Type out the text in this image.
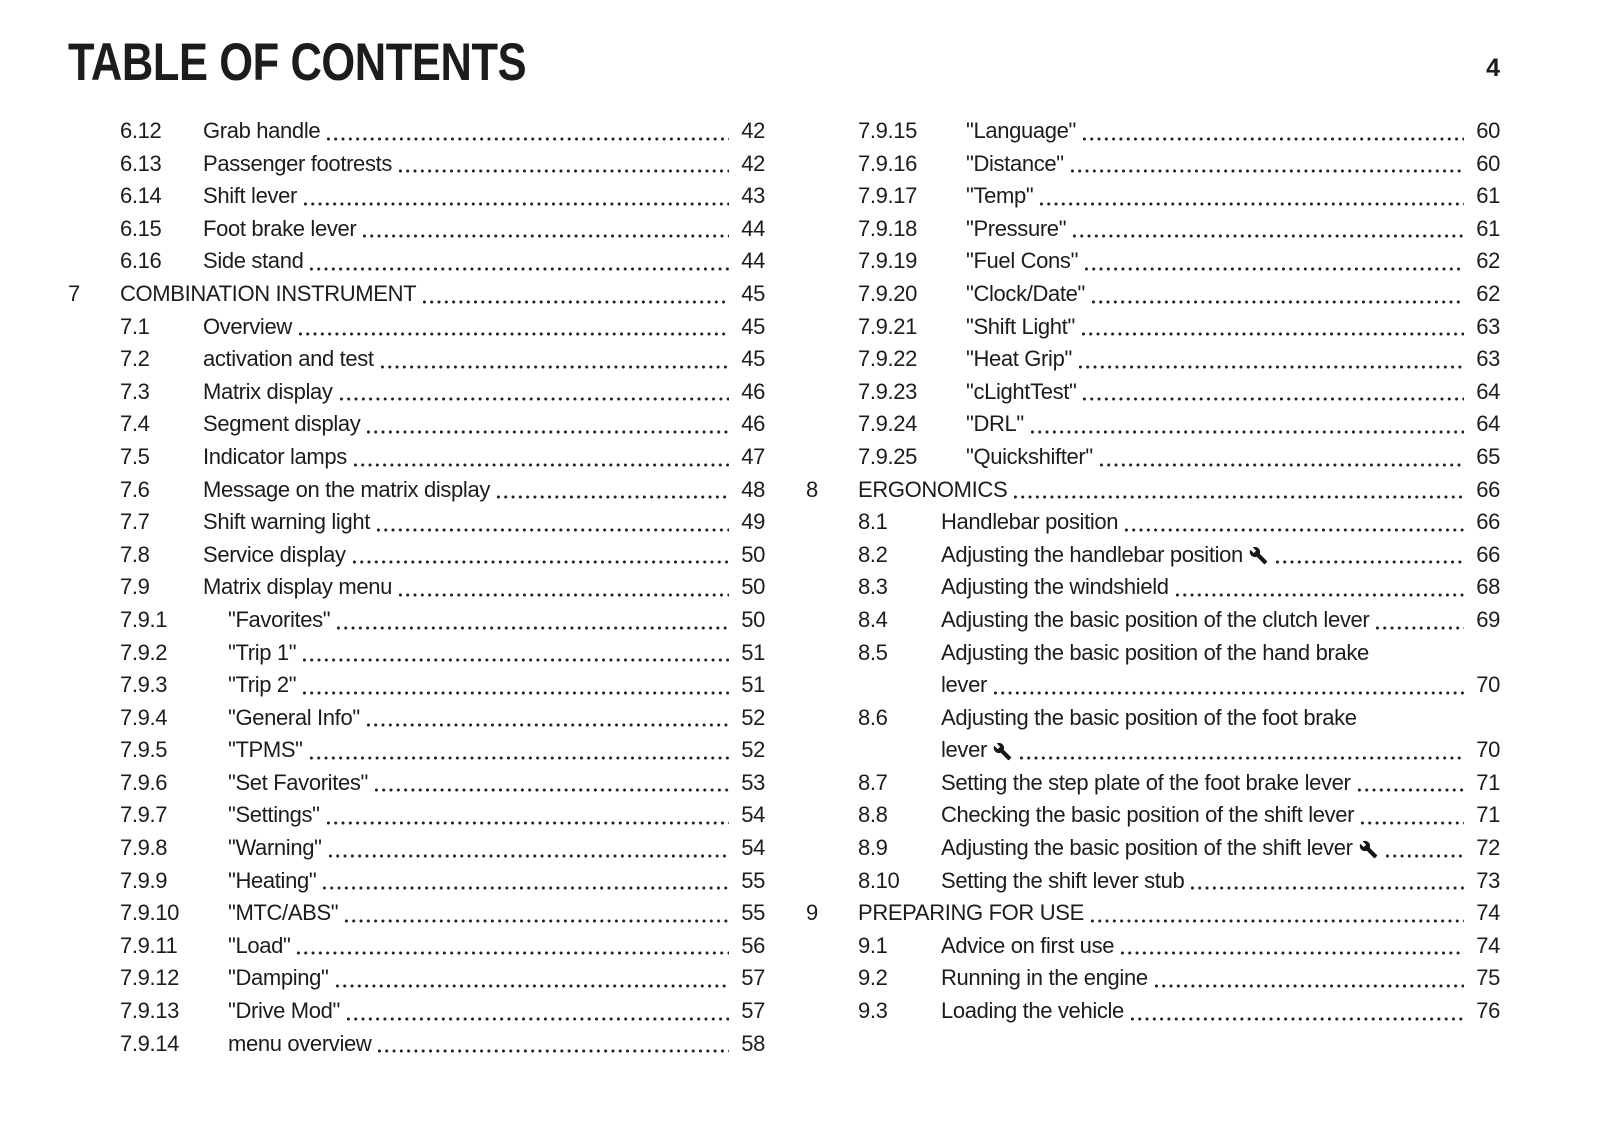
TABLE OF CONTENTS	4
6.12	Grab handle	42
6.13	Passenger footrests	42
6.14	Shift lever	43
6.15	Foot brake lever	44
6.16	Side stand	44
7	COMBINATION INSTRUMENT	45
7.1	Overview	45
7.2	activation and test	45
7.3	Matrix display	46
7.4	Segment display	46
7.5	Indicator lamps	47
7.6	Message on the matrix display	48
7.7	Shift warning light	49
7.8	Service display	50
7.9	Matrix display menu	50
7.9.1	"Favorites"	50
7.9.2	"Trip 1"	51
7.9.3	"Trip 2"	51
7.9.4	"General Info"	52
7.9.5	"TPMS"	52
7.9.6	"Set Favorites"	53
7.9.7	"Settings"	54
7.9.8	"Warning"	54
7.9.9	"Heating"	55
7.9.10	"MTC/ABS"	55
7.9.11	"Load"	56
7.9.12	"Damping"	57
7.9.13	"Drive Mod"	57
7.9.14	menu overview	58
7.9.15	"Language"	60
7.9.16	"Distance"	60
7.9.17	"Temp"	61
7.9.18	"Pressure"	61
7.9.19	"Fuel Cons"	62
7.9.20	"Clock/Date"	62
7.9.21	"Shift Light"	63
7.9.22	"Heat Grip"	63
7.9.23	"cLightTest"	64
7.9.24	"DRL"	64
7.9.25	"Quickshifter"	65
8	ERGONOMICS	66
8.1	Handlebar position	66
8.2	Adjusting the handlebar position	66
8.3	Adjusting the windshield	68
8.4	Adjusting the basic position of the clutch lever	69
8.5	Adjusting the basic position of the hand brake
lever	70
8.6	Adjusting the basic position of the foot brake
lever	70
8.7	Setting the step plate of the foot brake lever	71
8.8	Checking the basic position of the shift lever	71
8.9	Adjusting the basic position of the shift lever	72
8.10	Setting the shift lever stub	73
9	PREPARING FOR USE	74
9.1	Advice on first use	74
9.2	Running in the engine	75
9.3	Loading the vehicle	76
